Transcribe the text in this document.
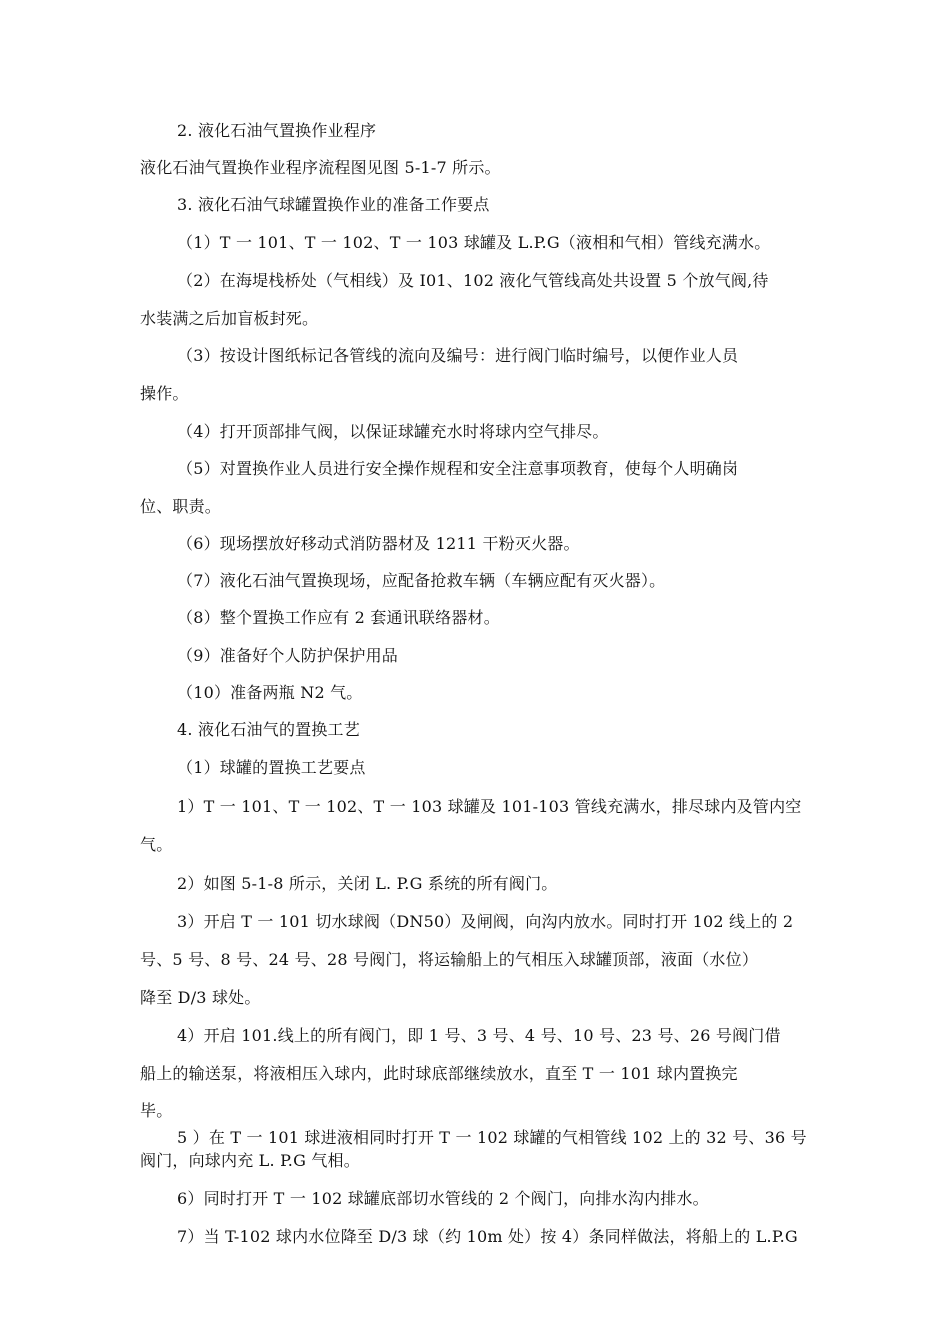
2. 液化石油气置换作业程序
液化石油气置换作业程序流程图见图 5-1-7 所示。
3. 液化石油气球罐置换作业的准备工作要点
（1）T 一 101、T 一 102、T 一 103 球罐及 L.P.G（液相和气相）管线充满水。
（2）在海堤栈桥处（气相线）及 I01、102 液化气管线高处共设置 5 个放气阀,待
水装满之后加盲板封死。
（3）按设计图纸标记各管线的流向及编号：进行阀门临时编号，以便作业人员
操作。
（4）打开顶部排气阀，以保证球罐充水时将球内空气排尽。
（5）对置换作业人员进行安全操作规程和安全注意事项教育，使每个人明确岗
位、职责。
（6）现场摆放好移动式消防器材及 1211 干粉灭火器。
（7）液化石油气置换现场，应配备抢救车辆（车辆应配有灭火器）。
（8）整个置换工作应有 2 套通讯联络器材。
（9）准备好个人防护保护用品
（10）准备两瓶 N2 气。
4. 液化石油气的置换工艺
（1）球罐的置换工艺要点
1）T 一 101、T 一 102、T 一 103 球罐及 101-103 管线充满水，排尽球内及管内空
气。
2）如图 5-1-8 所示，关闭 L. P.G 系统的所有阀门。
3）开启 T 一 101 切水球阀（DN50）及闸阀，向沟内放水。同时打开 102 线上的 2
号、5 号、8 号、24 号、28 号阀门，将运输船上的气相压入球罐顶部，液面（水位）
降至 D/3 球处。
4）开启 101.线上的所有阀门，即 1 号、3 号、4 号、10 号、23 号、26 号阀门借
船上的输送泵，将液相压入球内，此时球底部继续放水，直至 T 一 101 球内置换完
毕。
5 ）在 T 一 101 球进液相同时打开 T 一 102 球罐的气相管线 102 上的 32 号、36 号
阀门，向球内充 L. P.G 气相。
6）同时打开 T 一 102 球罐底部切水管线的 2 个阀门，向排水沟内排水。
7）当 T-102 球内水位降至 D/3 球（约 10m 处）按 4）条同样做法，将船上的 L.P.G
